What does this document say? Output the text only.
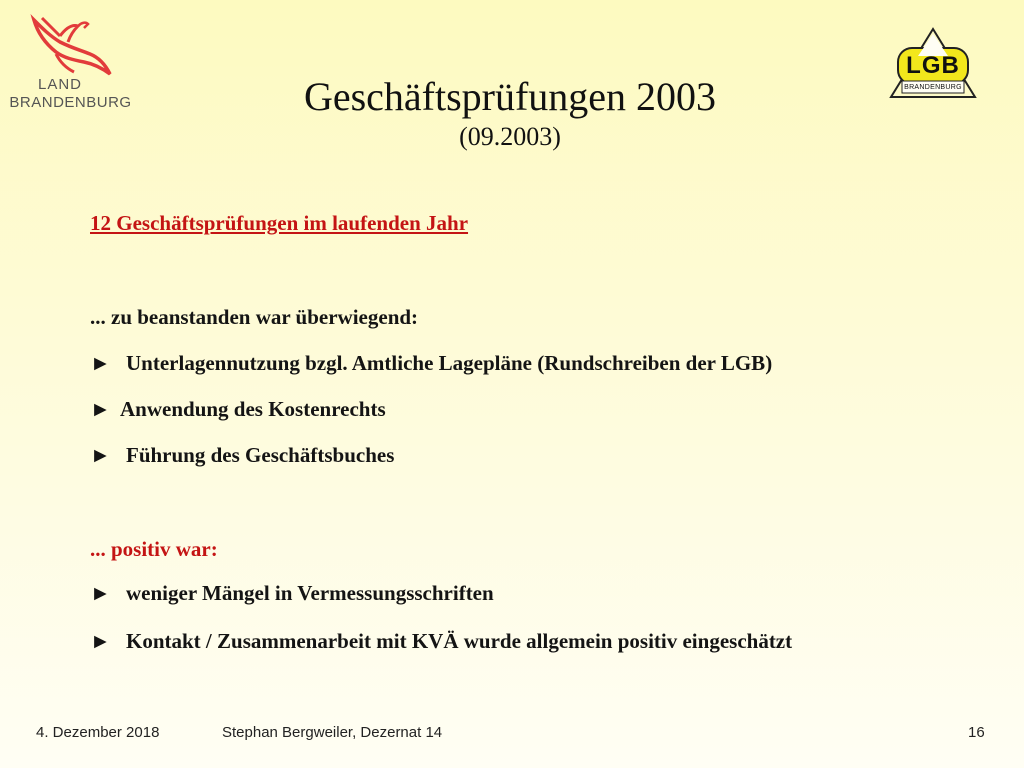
LAND
BRANDENBURG
LGB
BRANDENBURG
Geschäftsprüfungen 2003
(09.2003)
12 Geschäftsprüfungen im laufenden Jahr
... zu beanstanden war überwiegend:
► Unterlagennutzung bzgl. Amtliche Lagepläne (Rundschreiben der LGB)
► Anwendung des Kostenrechts
► Führung des Geschäftsbuches
... positiv war:
► weniger Mängel in Vermessungsschriften
► Kontakt / Zusammenarbeit mit KVÄ wurde allgemein positiv eingeschätzt
4. Dezember 2018	Stephan Bergweiler, Dezernat 14	16
